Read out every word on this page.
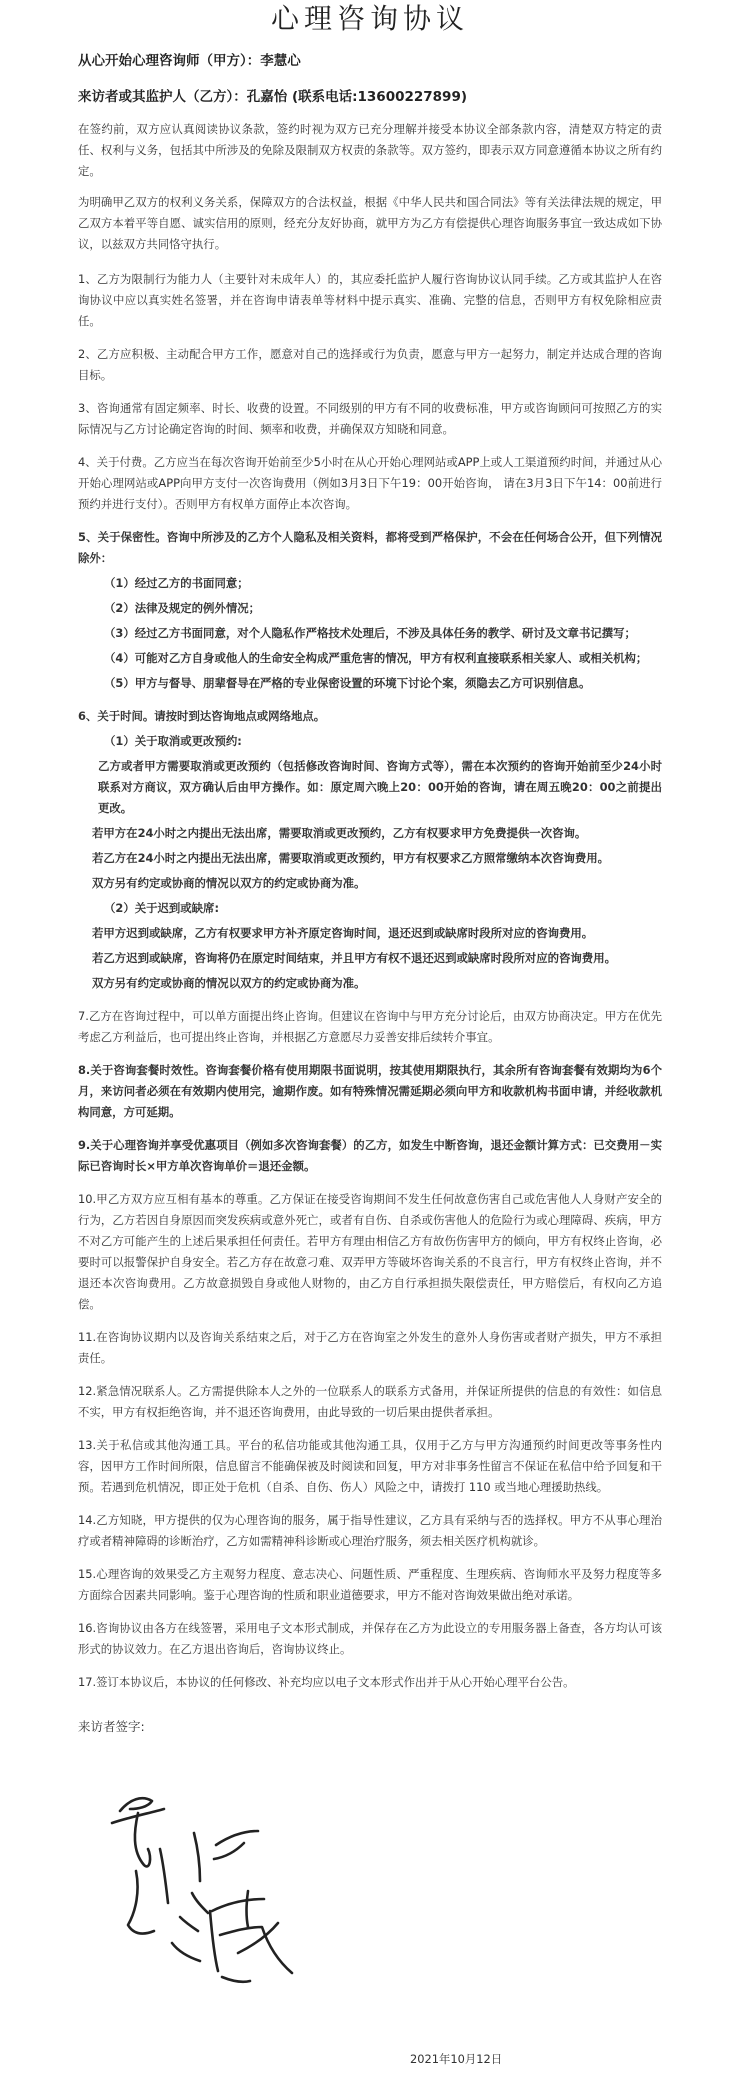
心理咨询协议

从心开始心理咨询师（甲方）：李慧心

来访者或其监护人（乙方）：孔嘉怡 (联系电话:13600227899)

在签约前，双方应认真阅读协议条款，签约时视为双方已充分理解并接受本协议全部条款内容，清楚双方特定的责任、权利与义务，包括其中所涉及的免除及限制双方权责的条款等。双方签约，即表示双方同意遵循本协议之所有约定。

为明确甲乙双方的权利义务关系，保障双方的合法权益，根据《中华人民共和国合同法》等有关法律法规的规定，甲乙双方本着平等自愿、诚实信用的原则，经充分友好协商，就甲方为乙方有偿提供心理咨询服务事宜一致达成如下协议，以兹双方共同恪守执行。

1、乙方为限制行为能力人（主要针对未成年人）的，其应委托监护人履行咨询协议认同手续。乙方或其监护人在咨询协议中应以真实姓名签署，并在咨询申请表单等材料中提示真实、准确、完整的信息，否则甲方有权免除相应责任。

2、乙方应积极、主动配合甲方工作，愿意对自己的选择或行为负责，愿意与甲方一起努力，制定并达成合理的咨询目标。

3、咨询通常有固定频率、时长、收费的设置。不同级别的甲方有不同的收费标准，甲方或咨询顾问可按照乙方的实际情况与乙方讨论确定咨询的时间、频率和收费，并确保双方知晓和同意。

4、关于付费。乙方应当在每次咨询开始前至少5小时在从心开始心理网站或APP上或人工渠道预约时间，并通过从心开始心理网站或APP向甲方支付一次咨询费用（例如3月3日下午19：00开始咨询， 请在3月3日下午14：00前进行预约并进行支付）。否则甲方有权单方面停止本次咨询。

5、关于保密性。咨询中所涉及的乙方个人隐私及相关资料，都将受到严格保护，不会在任何场合公开，但下列情况除外：

（1）经过乙方的书面同意；

（2）法律及规定的例外情况；

（3）经过乙方书面同意，对个人隐私作严格技术处理后，不涉及具体任务的教学、研讨及文章书记撰写；

（4）可能对乙方自身或他人的生命安全构成严重危害的情况，甲方有权利直接联系相关家人、或相关机构；

（5）甲方与督导、朋辈督导在严格的专业保密设置的环境下讨论个案，须隐去乙方可识别信息。

6、关于时间。请按时到达咨询地点或网络地点。

（1）关于取消或更改预约:

乙方或者甲方需要取消或更改预约（包括修改咨询时间、咨询方式等），需在本次预约的咨询开始前至少24小时联系对方商议，双方确认后由甲方操作。如：原定周六晚上20：00开始的咨询，请在周五晚20：00之前提出更改。

若甲方在24小时之内提出无法出席，需要取消或更改预约，乙方有权要求甲方免费提供一次咨询。

若乙方在24小时之内提出无法出席，需要取消或更改预约，甲方有权要求乙方照常缴纳本次咨询费用。

双方另有约定或协商的情况以双方的约定或协商为准。

（2）关于迟到或缺席:

若甲方迟到或缺席，乙方有权要求甲方补齐原定咨询时间，退还迟到或缺席时段所对应的咨询费用。

若乙方迟到或缺席，咨询将仍在原定时间结束，并且甲方有权不退还迟到或缺席时段所对应的咨询费用。

双方另有约定或协商的情况以双方的约定或协商为准。

7.乙方在咨询过程中，可以单方面提出终止咨询。但建议在咨询中与甲方充分讨论后，由双方协商决定。甲方在优先考虑乙方利益后，也可提出终止咨询，并根据乙方意愿尽力妥善安排后续转介事宜。

8.关于咨询套餐时效性。咨询套餐价格有使用期限书面说明，按其使用期限执行，其余所有咨询套餐有效期均为6个月，来访问者必须在有效期内使用完，逾期作废。如有特殊情况需延期必须向甲方和收款机构书面申请，并经收款机构同意，方可延期。

9.关于心理咨询并享受优惠项目（例如多次咨询套餐）的乙方，如发生中断咨询，退还金额计算方式：已交费用－实际已咨询时长×甲方单次咨询单价＝退还金额。

10.甲乙方双方应互相有基本的尊重。乙方保证在接受咨询期间不发生任何故意伤害自己或危害他人人身财产安全的行为，乙方若因自身原因而突发疾病或意外死亡，或者有自伤、自杀或伤害他人的危险行为或心理障碍、疾病，甲方不对乙方可能产生的上述后果承担任何责任。若甲方有理由相信乙方有故伤伤害甲方的倾向，甲方有权终止咨询，必要时可以报警保护自身安全。若乙方存在故意刁难、双弄甲方等破坏咨询关系的不良言行，甲方有权终止咨询，并不退还本次咨询费用。乙方故意损毁自身或他人财物的，由乙方自行承担损失限偿责任，甲方赔偿后，有权向乙方追偿。

11.在咨询协议期内以及咨询关系结束之后，对于乙方在咨询室之外发生的意外人身伤害或者财产损失，甲方不承担责任。

12.紧急情况联系人。乙方需提供除本人之外的一位联系人的联系方式备用，并保证所提供的信息的有效性：如信息不实，甲方有权拒绝咨询，并不退还咨询费用，由此导致的一切后果由提供者承担。

13.关于私信或其他沟通工具。平台的私信功能或其他沟通工具，仅用于乙方与甲方沟通预约时间更改等事务性内容，因甲方工作时间所限，信息留言不能确保被及时阅读和回复，甲方对非事务性留言不保证在私信中给予回复和干预。若遇到危机情况，即正处于危机（自杀、自伤、伤人）风险之中，请拨打 110 或当地心理援助热线。

14.乙方知晓，甲方提供的仅为心理咨询的服务，属于指导性建议，乙方具有采纳与否的选择权。甲方不从事心理治疗或者精神障碍的诊断治疗，乙方如需精神科诊断或心理治疗服务，须去相关医疗机构就诊。

15.心理咨询的效果受乙方主观努力程度、意志决心、问题性质、严重程度、生理疾病、咨询师水平及努力程度等多方面综合因素共同影响。鉴于心理咨询的性质和职业道德要求，甲方不能对咨询效果做出绝对承诺。

16.咨询协议由各方在线签署，采用电子文本形式制成，并保存在乙方为此设立的专用服务器上备查，各方均认可该形式的协议效力。在乙方退出咨询后，咨询协议终止。

17.签订本协议后，本协议的任何修改、补充均应以电子文本形式作出并于从心开始心理平台公告。

来访者签字:

2021年10月12日
